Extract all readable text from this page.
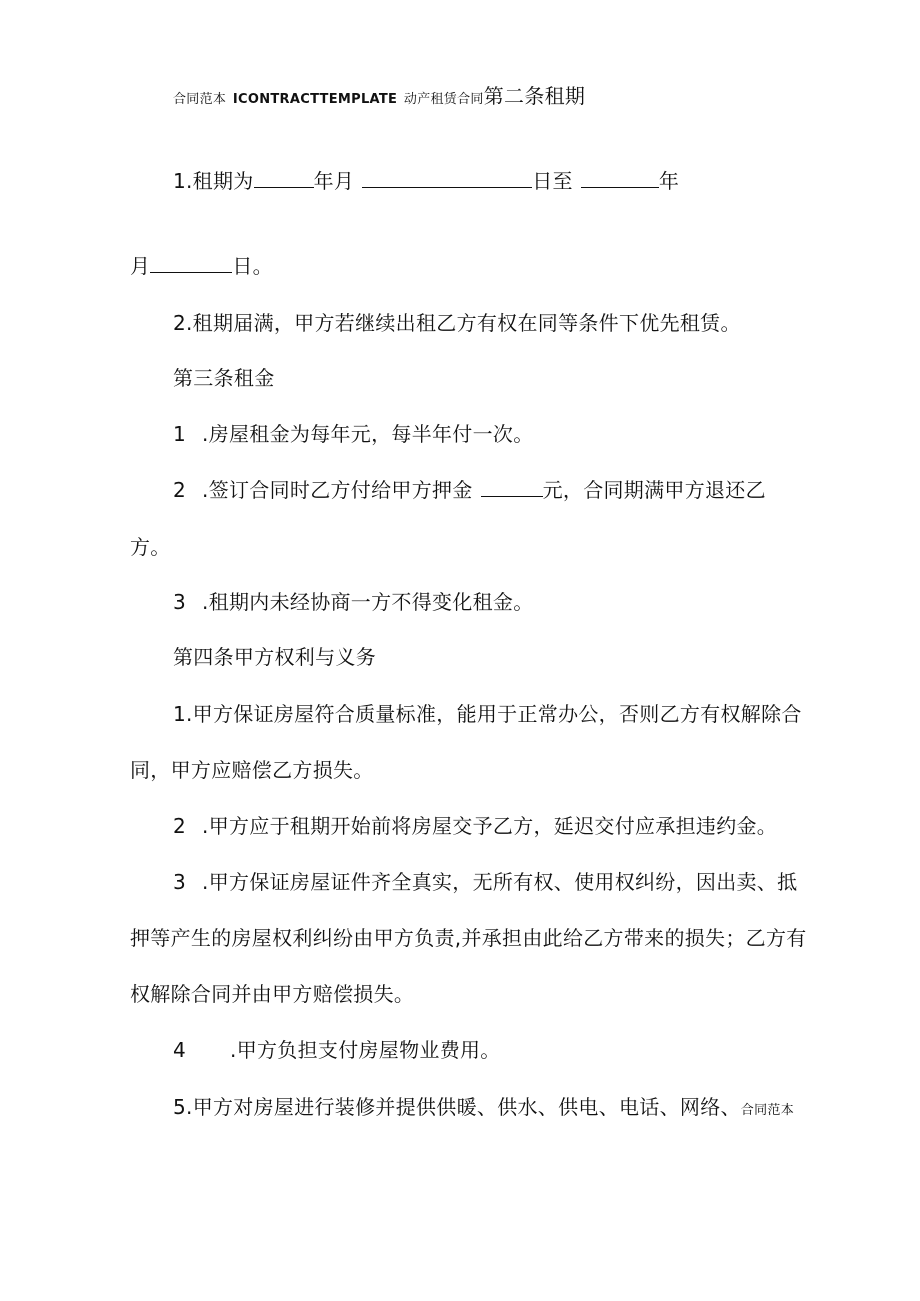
合同范本 ICONTRACTTEMPLATE 动产租赁合同第二条租期
1.租期为	年月	日至	年
月	日。
2.租期届满，甲方若继续出租乙方有权在同等条件下优先租赁。
第三条租金
1 .房屋租金为每年元，每半年付一次。
2 .签订合同时乙方付给甲方押金	元，合同期满甲方退还乙
方。
3 .租期内未经协商一方不得变化租金。
第四条甲方权利与义务
1.甲方保证房屋符合质量标准，能用于正常办公，否则乙方有权解除合
同，甲方应赔偿乙方损失。
2 .甲方应于租期开始前将房屋交予乙方，延迟交付应承担违约金。
3 .甲方保证房屋证件齐全真实，无所有权、使用权纠纷，因出卖、抵
押等产生的房屋权利纠纷由甲方负责,并承担由此给乙方带来的损失；乙方有
权解除合同并由甲方赔偿损失。
4 .甲方负担支付房屋物业费用。
5.甲方对房屋进行装修并提供供暖、供水、供电、电话、网络、合同范本
